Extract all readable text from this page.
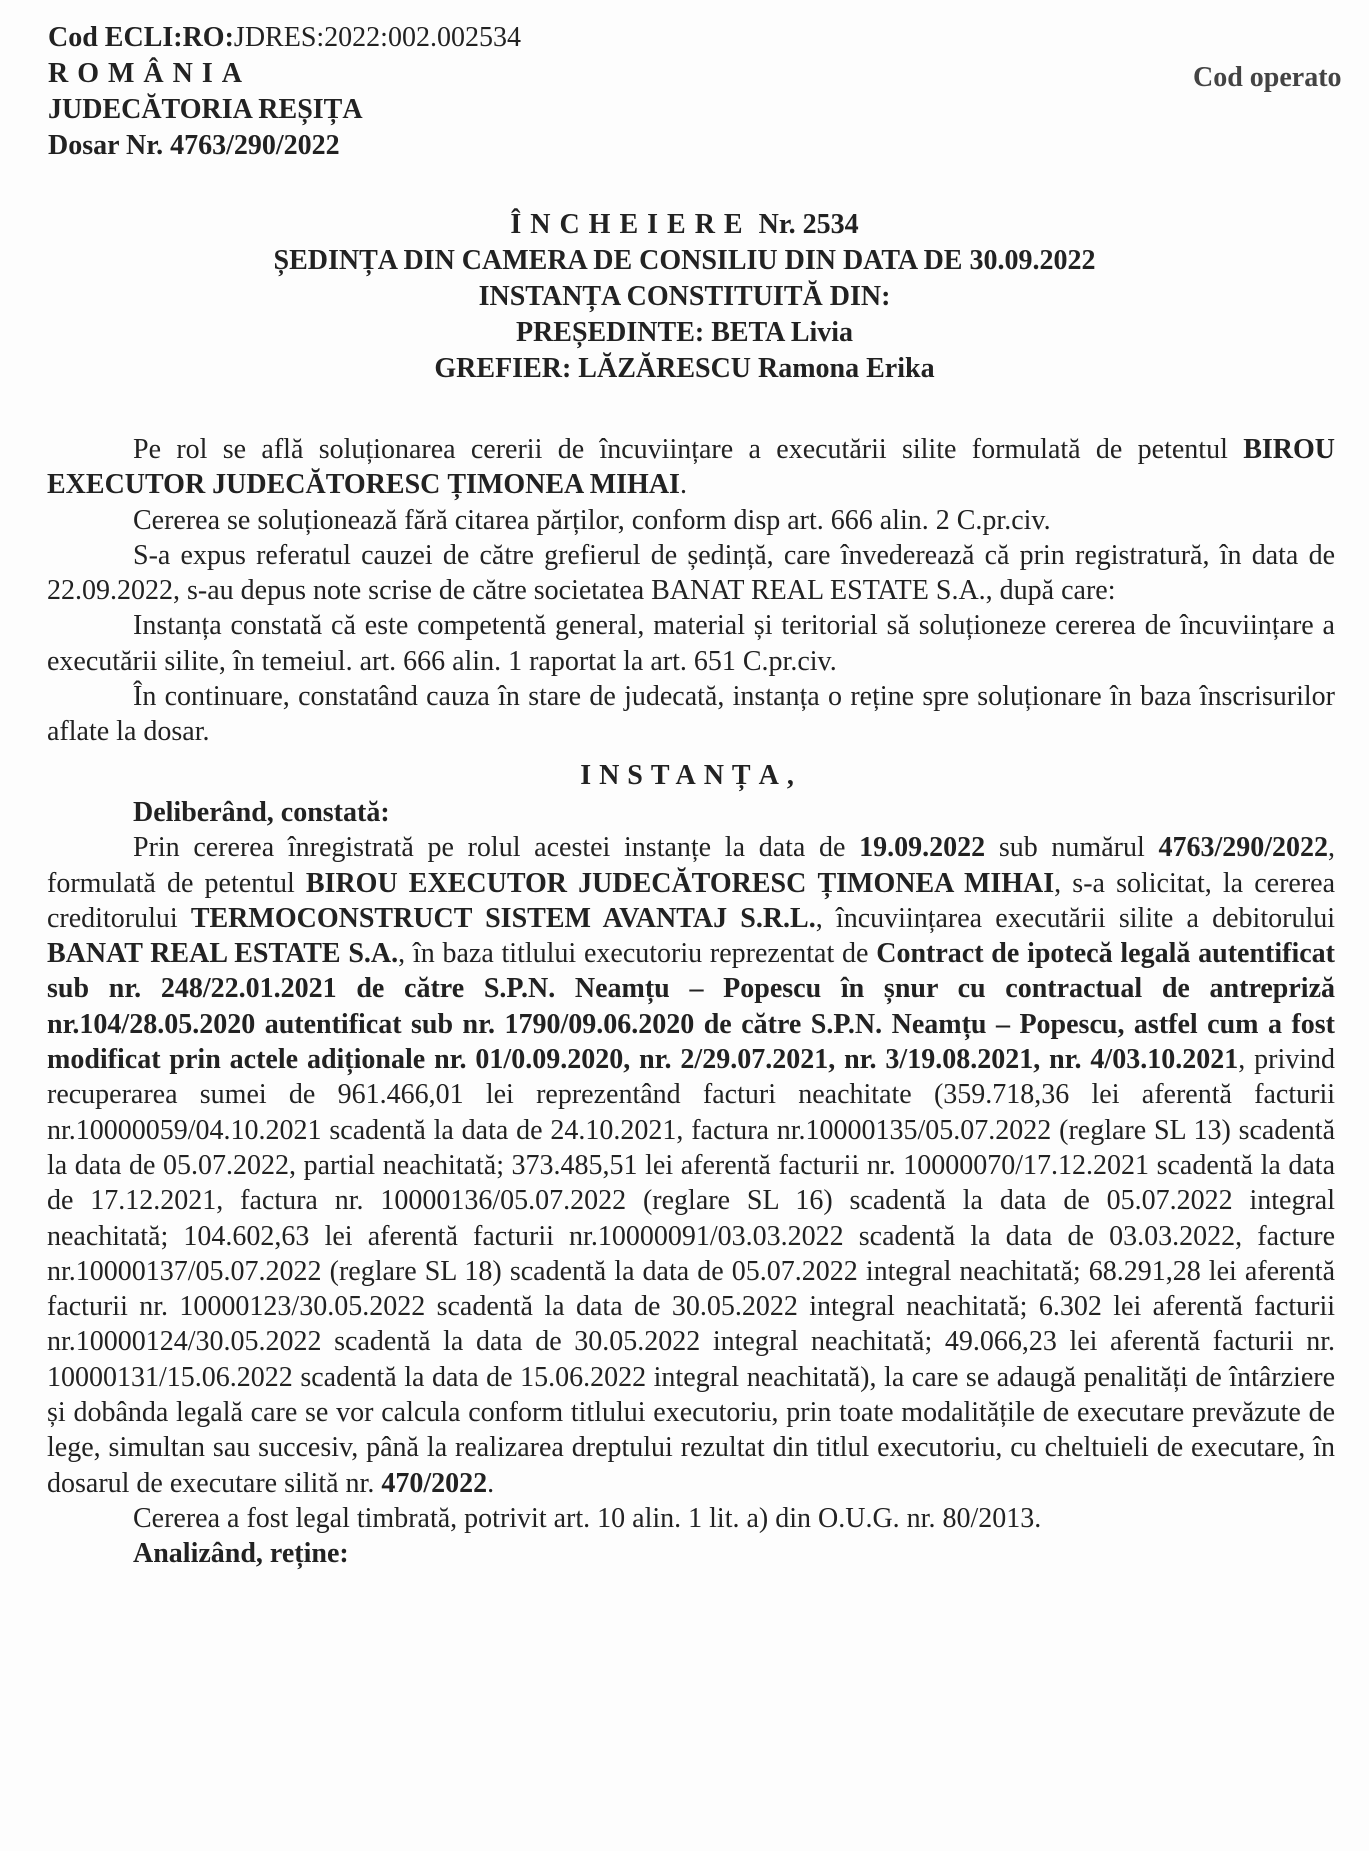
Cod ECLI:RO:JDRES:2022:002.002534
ROMÂNIA
JUDECĂTORIA REȘIȚA
Dosar Nr. 4763/290/2022
Cod operato
ÎNCHEIERE Nr. 2534
ȘEDINȚA DIN CAMERA DE CONSILIU DIN DATA DE 30.09.2022
INSTANȚA CONSTITUITĂ DIN:
PREȘEDINTE: BETA Livia
GREFIER: LĂZĂRESCU Ramona Erika

Pe rol se află soluționarea cererii de încuviințare a executării silite formulată de petentul BIROU EXECUTOR JUDECĂTORESC ȚIMONEA MIHAI.

Cererea se soluționează fără citarea părților, conform disp art. 666 alin. 2 C.pr.civ.

S-a expus referatul cauzei de către grefierul de ședință, care învederează că prin registratură, în data de 22.09.2022, s-au depus note scrise de către societatea BANAT REAL ESTATE S.A., după care:

Instanța constată că este competentă general, material și teritorial să soluționeze cererea de încuviințare a executării silite, în temeiul. art. 666 alin. 1 raportat la art. 651 C.pr.civ.

În continuare, constatând cauza în stare de judecată, instanța o reține spre soluționare în baza înscrisurilor aflate la dosar.

INSTANȚA,

Deliberând, constată:

Prin cererea înregistrată pe rolul acestei instanțe la data de 19.09.2022 sub numărul 4763/290/2022, formulată de petentul BIROU EXECUTOR JUDECĂTORESC ȚIMONEA MIHAI, s-a solicitat, la cererea creditorului TERMOCONSTRUCT SISTEM AVANTAJ S.R.L., încuviințarea executării silite a debitorului BANAT REAL ESTATE S.A., în baza titlului executoriu reprezentat de Contract de ipotecă legală autentificat sub nr. 248/22.01.2021 de către S.P.N. Neamțu – Popescu în șnur cu contractual de antrepriză nr.104/28.05.2020 autentificat sub nr. 1790/09.06.2020 de către S.P.N. Neamțu – Popescu, astfel cum a fost modificat prin actele adiționale nr. 01/0.09.2020, nr. 2/29.07.2021, nr. 3/19.08.2021, nr. 4/03.10.2021, privind recuperarea sumei de 961.466,01 lei reprezentând facturi neachitate (359.718,36 lei aferentă facturii nr.10000059/04.10.2021 scadentă la data de 24.10.2021, factura nr.10000135/05.07.2022 (reglare SL 13) scadentă la data de 05.07.2022, partial neachitată; 373.485,51 lei aferentă facturii nr. 10000070/17.12.2021 scadentă la data de 17.12.2021, factura nr. 10000136/05.07.2022 (reglare SL 16) scadentă la data de 05.07.2022 integral neachitată; 104.602,63 lei aferentă facturii nr.10000091/03.03.2022 scadentă la data de 03.03.2022, facture nr.10000137/05.07.2022 (reglare SL 18) scadentă la data de 05.07.2022 integral neachitată; 68.291,28 lei aferentă facturii nr. 10000123/30.05.2022 scadentă la data de 30.05.2022 integral neachitată; 6.302 lei aferentă facturii nr.10000124/30.05.2022 scadentă la data de 30.05.2022 integral neachitată; 49.066,23 lei aferentă facturii nr. 10000131/15.06.2022 scadentă la data de 15.06.2022 integral neachitată), la care se adaugă penalități de întârziere și dobânda legală care se vor calcula conform titlului executoriu, prin toate modalitățile de executare prevăzute de lege, simultan sau succesiv, până la realizarea dreptului rezultat din titlul executoriu, cu cheltuieli de executare, în dosarul de executare silită nr. 470/2022.

Cererea a fost legal timbrată, potrivit art. 10 alin. 1 lit. a) din O.U.G. nr. 80/2013.

Analizând, reține:
